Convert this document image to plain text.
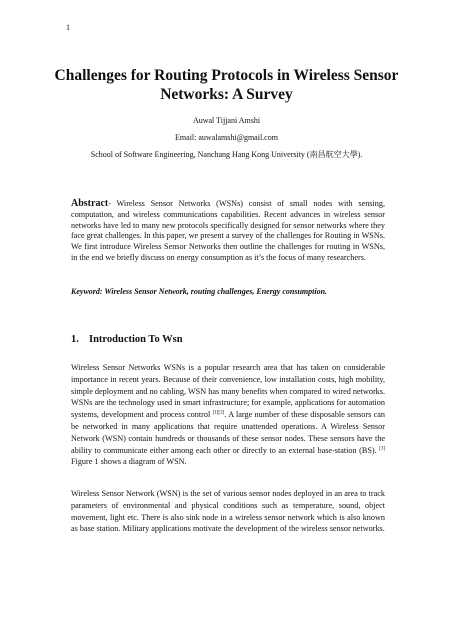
1
Challenges for Routing Protocols in Wireless Sensor Networks: A Survey
Auwal Tijjani Amshi
Email: auwalamshi@gmail.com
School of Software Engineering, Nanchang Hang Kong University (南昌航空大學).
Abstract- Wireless Sensor Networks (WSNs) consist of small nodes with sensing, computation, and wireless communications capabilities. Recent advances in wireless sensor networks have led to many new protocols specifically designed for sensor networks where they face great challenges. In this paper, we present a survey of the challenges for Routing in WSNs. We first introduce Wireless Sensor Networks then outline the challenges for routing in WSNs, in the end we briefly discuss on energy consumption as it’s the focus of many researchers.
Keyword: Wireless Sensor Network, routing challenges, Energy consumption.
1. Introduction To Wsn
Wireless Sensor Networks WSNs is a popular research area that has taken on considerable importance in recent years. Because of their convenience, low installation costs, high mobility, simple deployment and no cabling, WSN has many benefits when compared to wired networks. WSNs are the technology used in smart infrastructure; for example, applications for automation systems, development and process control [1][2]. A large number of these disposable sensors can be networked in many applications that require unattended operations. A Wireless Sensor Network (WSN) contain hundreds or thousands of these sensor nodes. These sensors have the ability to communicate either among each other or directly to an external base-station (BS). [3] Figure 1 shows a diagram of WSN.
Wireless Sensor Network (WSN) is the set of various sensor nodes deployed in an area to track parameters of environmental and physical conditions such as temperature, sound, object movement, light etc. There is also sink node in a wireless sensor network which is also known as base station. Military applications motivate the development of the wireless sensor networks.
